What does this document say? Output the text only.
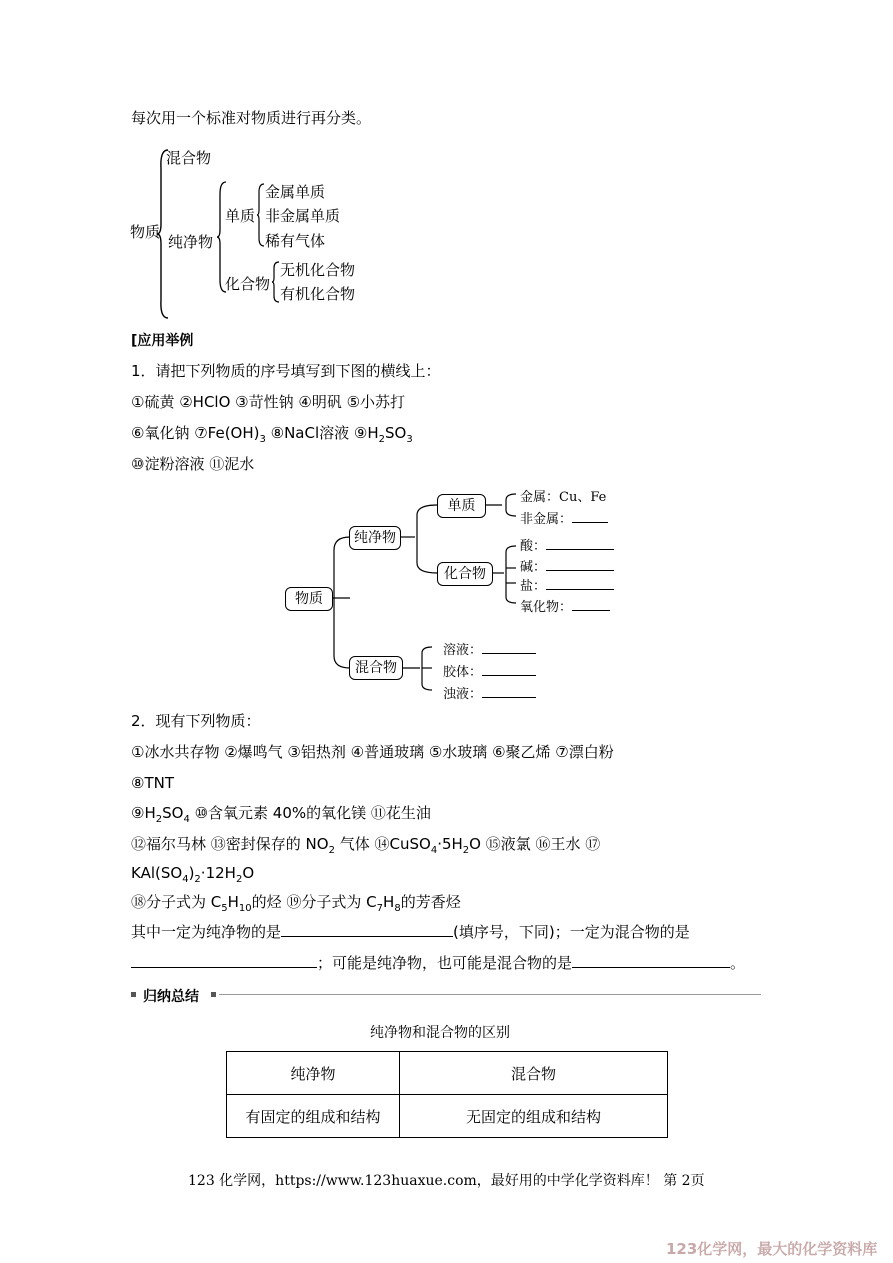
每次用一个标准对物质进行再分类。
混合物
物质
纯净物
单质
金属单质
非金属单质
稀有气体
化合物
无机化合物
有机化合物
[应用举例
1．请把下列物质的序号填写到下图的横线上：
①硫黄 ②HClO ③苛性钠 ④明矾 ⑤小苏打
⑥氧化钠 $⑦Fe(OH)_3$ ⑧NaCl溶液 $⑨H_2SO_3$
⑩淀粉溶液 ⑪泥水
物质
纯净物
混合物
单质
化合物
金属：Cu、Fe
非金属：
酸：
碱：
盐：
氧化物：
溶液：
胶体：
浊液：
2．现有下列物质：
①冰水共存物 ②爆鸣气 ③铝热剂 ④普通玻璃 ⑤水玻璃 ⑥聚乙烯 ⑦漂白粉
⑧TNT
$⑨H_2SO_4$ ⑩含氧元素 40%的氧化镁 ⑪花生油
⑫福尔马林 ⑬密封保存的 $NO_2$ 气体 $⑭CuSO_4\cdot 5H_2O$ ⑮液氯 ⑯王水 ⑰
$KAl(SO_4)_2\cdot 12H_2O$
⑱分子式为 $C_5H_{10}$的烃 ⑲分子式为 $C_7H_8$的芳香烃
其中一定为纯净物的是	(填序号，下同)；一定为混合物的是
；可能是纯净物，也可能是混合物的是	。
归纳总结
纯净物和混合物的区别
纯净物	混合物
有固定的组成和结构	无固定的组成和结构
123 化学网，https://www.123huaxue.com，最好用的中学化学资料库！ 第 2页
123化学网，最大的化学资料库
